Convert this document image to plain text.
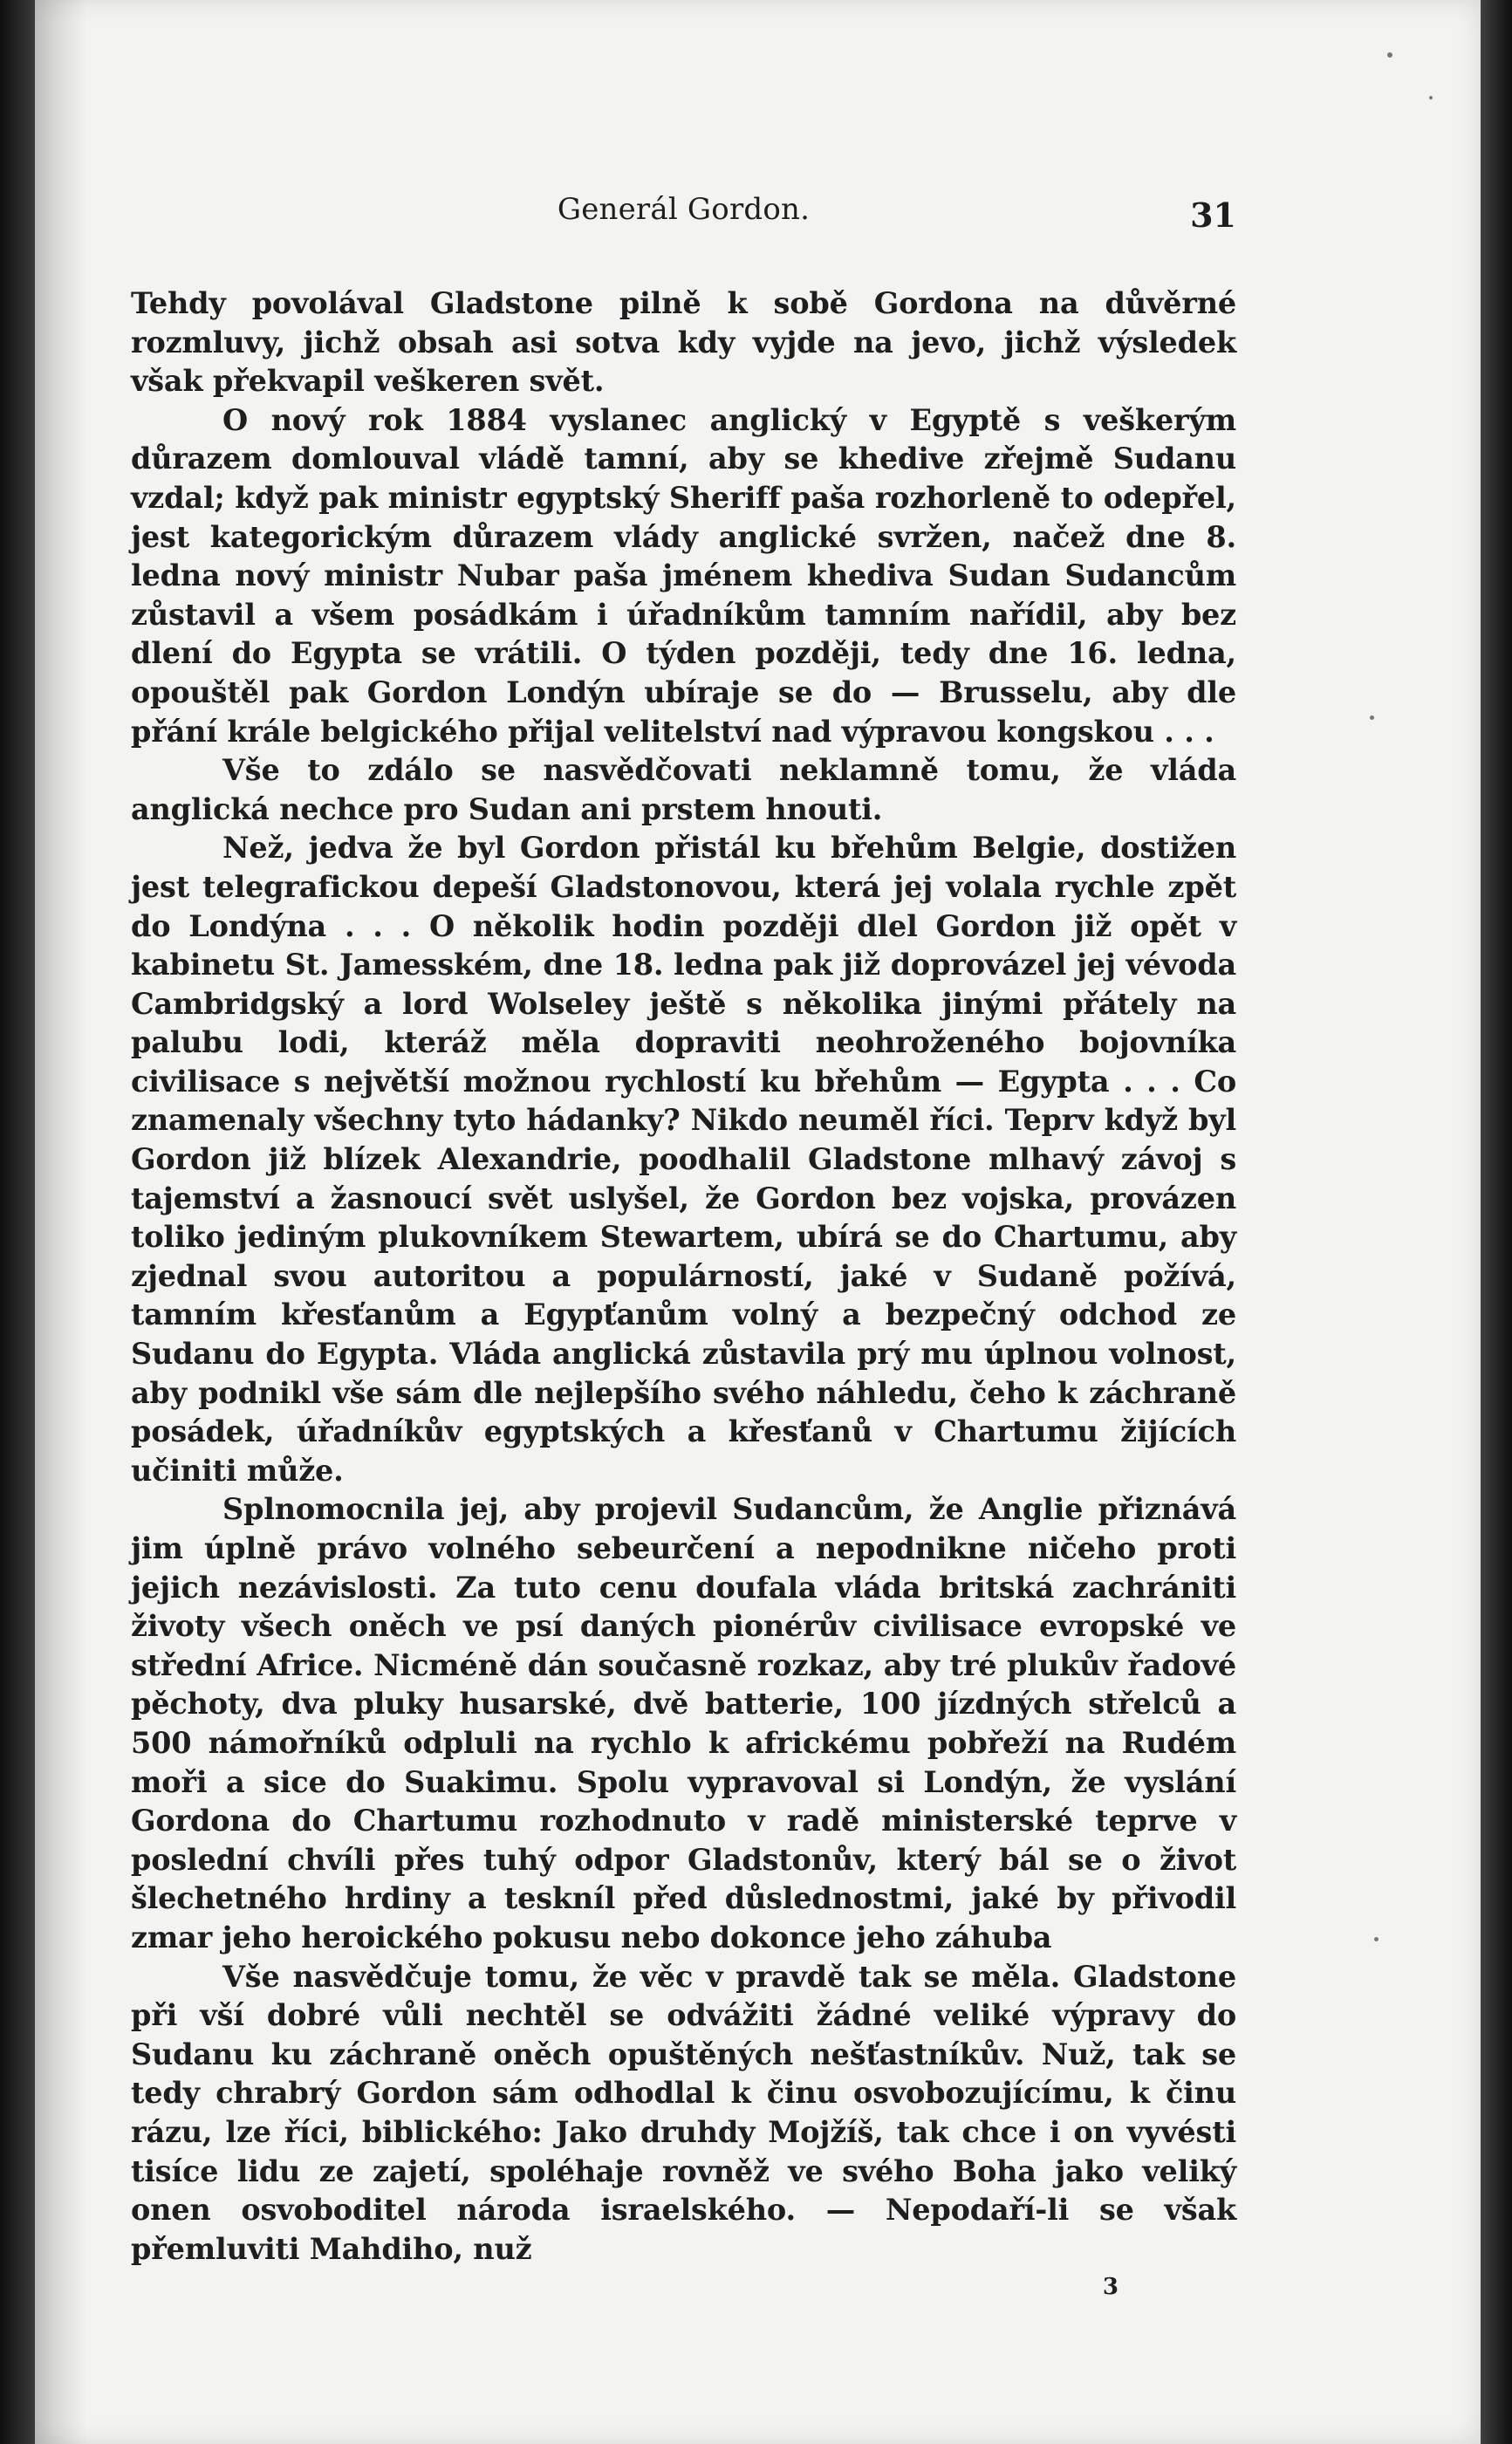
Generál Gordon.	31

Tehdy povolával Gladstone pilně k sobě Gordona na důvěrné rozmluvy, jichž obsah asi sotva kdy vyjde na jevo, jichž výsledek však překvapil veškeren svět.

O nový rok 1884 vyslanec anglický v Egyptě s veškerým důrazem domlouval vládě tamní, aby se khedive zřejmě Sudanu vzdal; když pak ministr egyptský Sheriff paša rozhorleně to odepřel, jest kategorickým důrazem vlády anglické svržen, načež dne 8. ledna nový ministr Nubar paša jménem khediva Sudan Sudancům zůstavil a všem posádkám i úřadníkům tamním nařídil, aby bez dlení do Egypta se vrátili. O týden později, tedy dne 16. ledna, opouštěl pak Gordon Londýn ubíraje se do — Brusselu, aby dle přání krále belgického přijal velitelství nad výpravou kongskou . . .

Vše to zdálo se nasvědčovati neklamně tomu, že vláda anglická nechce pro Sudan ani prstem hnouti.

Než, jedva že byl Gordon přistál ku břehům Belgie, dostižen jest telegrafickou depeší Gladstonovou, která jej volala rychle zpět do Londýna . . . O několik hodin později dlel Gordon již opět v kabinetu St. Jamesském, dne 18. ledna pak již doprovázel jej vévoda Cambridgský a lord Wolseley ještě s několika jinými přátely na palubu lodi, kteráž měla dopraviti neohroženého bojovníka civilisace s největší možnou rychlostí ku břehům — Egypta . . . Co znamenaly všechny tyto hádanky? Nikdo neuměl říci. Teprv když byl Gordon již blízek Alexandrie, poodhalil Gladstone mlhavý závoj s tajemství a žasnoucí svět uslyšel, že Gordon bez vojska, provázen toliko jediným plukovníkem Stewartem, ubírá se do Chartumu, aby zjednal svou autoritou a populárností, jaké v Sudaně požívá, tamním křesťanům a Egypťanům volný a bezpečný odchod ze Sudanu do Egypta. Vláda anglická zůstavila prý mu úplnou volnost, aby podnikl vše sám dle nejlepšího svého náhledu, čeho k záchraně posádek, úřadníkův egyptských a křesťanů v Chartumu žijících učiniti může.

Splnomocnila jej, aby projevil Sudancům, že Anglie přiznává jim úplně právo volného sebeurčení a nepodnikne ničeho proti jejich nezávislosti. Za tuto cenu doufala vláda britská zachrániti životy všech oněch ve psí daných pionérův civilisace evropské ve střední Africe. Nicméně dán současně rozkaz, aby tré plukův řadové pěchoty, dva pluky husarské, dvě batterie, 100 jízdných střelců a 500 námořníků odpluli na rychlo k africkému pobřeží na Rudém moři a sice do Suakimu. Spolu vypravoval si Londýn, že vyslání Gordona do Chartumu rozhodnuto v radě ministerské teprve v poslední chvíli přes tuhý odpor Gladstonův, který bál se o život šlechetného hrdiny a teskníl před důslednostmi, jaké by přivodil zmar jeho heroického pokusu nebo dokonce jeho záhuba

Vše nasvědčuje tomu, že věc v pravdě tak se měla. Gladstone při vší dobré vůli nechtěl se odvážiti žádné veliké výpravy do Sudanu ku záchraně oněch opuštěných nešťastníkův. Nuž, tak se tedy chrabrý Gordon sám odhodlal k činu osvobozujícímu, k činu rázu, lze říci, biblického: Jako druhdy Mojžíš, tak chce i on vyvésti tisíce lidu ze zajetí, spoléhaje rovněž ve svého Boha jako veliký onen osvoboditel národa israelského. — Nepodaří-li se však přemluviti Mahdiho, nuž

3
